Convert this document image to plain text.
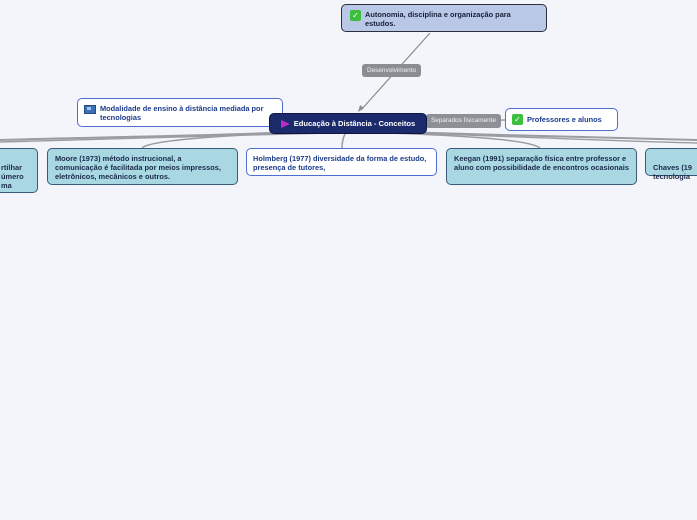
✓ Autonomia, disciplina e organização para estudos.
Desenvolvimento
Separados fisicamente
Modalidade de ensino à distância mediada por tecnologias
Educação à Distância - Conceitos	✓ Professores e alunos

rtilhar
úmero
ma

Moore (1973) método instrucional, a comunicação é facilitada por meios impressos, eletrônicos, mecânicos e outros.
Holmberg (1977) diversidade da forma de estudo, presença de tutores,
Keegan (1991) separação física entre professor e aluno com possibilidade de encontros ocasionais	Chaves (19
tecnologia
